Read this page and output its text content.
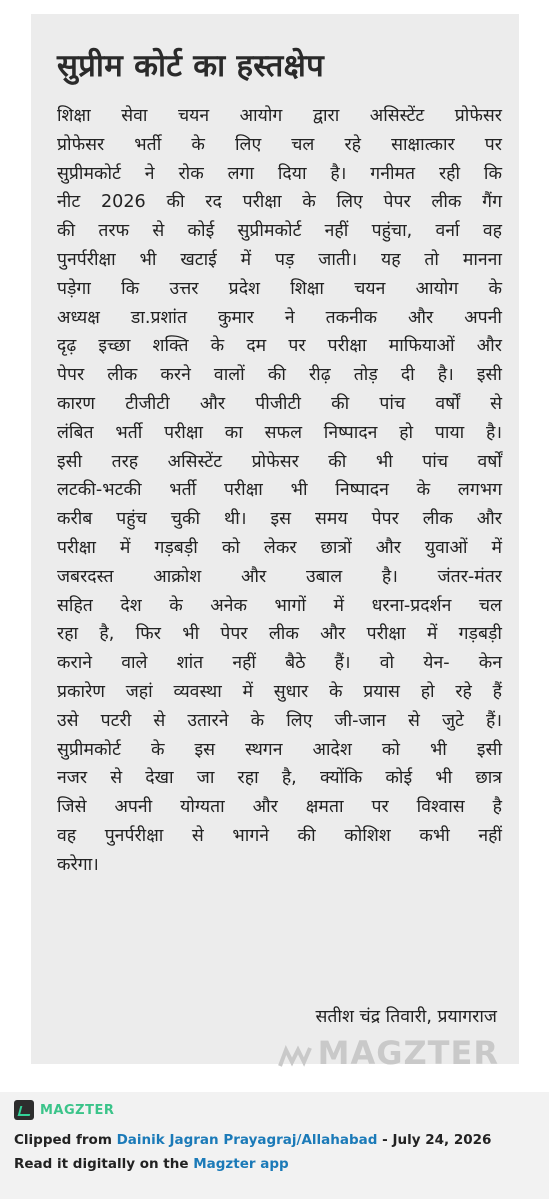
सुप्रीम कोर्ट का हस्तक्षेप
शिक्षा सेवा चयन आयोग द्वारा असिस्टेंट प्रोफेसर
प्रोफेसर भर्ती के लिए चल रहे साक्षात्कार पर
सुप्रीमकोर्ट ने रोक लगा दिया है। गनीमत रही कि
नीट 2026 की रद परीक्षा के लिए पेपर लीक गैंग
की तरफ से कोई सुप्रीमकोर्ट नहीं पहुंचा, वर्ना वह
पुनर्परीक्षा भी खटाई में पड़ जाती। यह तो मानना
पड़ेगा कि उत्तर प्रदेश शिक्षा चयन आयोग के
अध्यक्ष डा.प्रशांत कुमार ने तकनीक और अपनी
दृढ़ इच्छा शक्ति के दम पर परीक्षा माफियाओं और
पेपर लीक करने वालों की रीढ़ तोड़ दी है। इसी
कारण टीजीटी और पीजीटी की पांच वर्षों से
लंबित भर्ती परीक्षा का सफल निष्पादन हो पाया है।
इसी तरह असिस्टेंट प्रोफेसर की भी पांच वर्षों
लटकी-भटकी भर्ती परीक्षा भी निष्पादन के लगभग
करीब पहुंच चुकी थी। इस समय पेपर लीक और
परीक्षा में गड़बड़ी को लेकर छात्रों और युवाओं में
जबरदस्त आक्रोश और उबाल है। जंतर-मंतर
सहित देश के अनेक भागों में धरना-प्रदर्शन चल
रहा है, फिर भी पेपर लीक और परीक्षा में गड़बड़ी
कराने वाले शांत नहीं बैठे हैं। वो येन- केन
प्रकारेण जहां व्यवस्था में सुधार के प्रयास हो रहे हैं
उसे पटरी से उतारने के लिए जी-जान से जुटे हैं।
सुप्रीमकोर्ट के इस स्थगन आदेश को भी इसी
नजर से देखा जा रहा है, क्योंकि कोई भी छात्र
जिसे अपनी योग्यता और क्षमता पर विश्वास है
वह पुनर्परीक्षा से भागने की कोशिश कभी नहीं
करेगा।
सतीश चंद्र तिवारी, प्रयागराज
MAGZTER
MAGZTER
Clipped from Dainik Jagran Prayagraj/Allahabad - July 24, 2026
Read it digitally on the Magzter app
